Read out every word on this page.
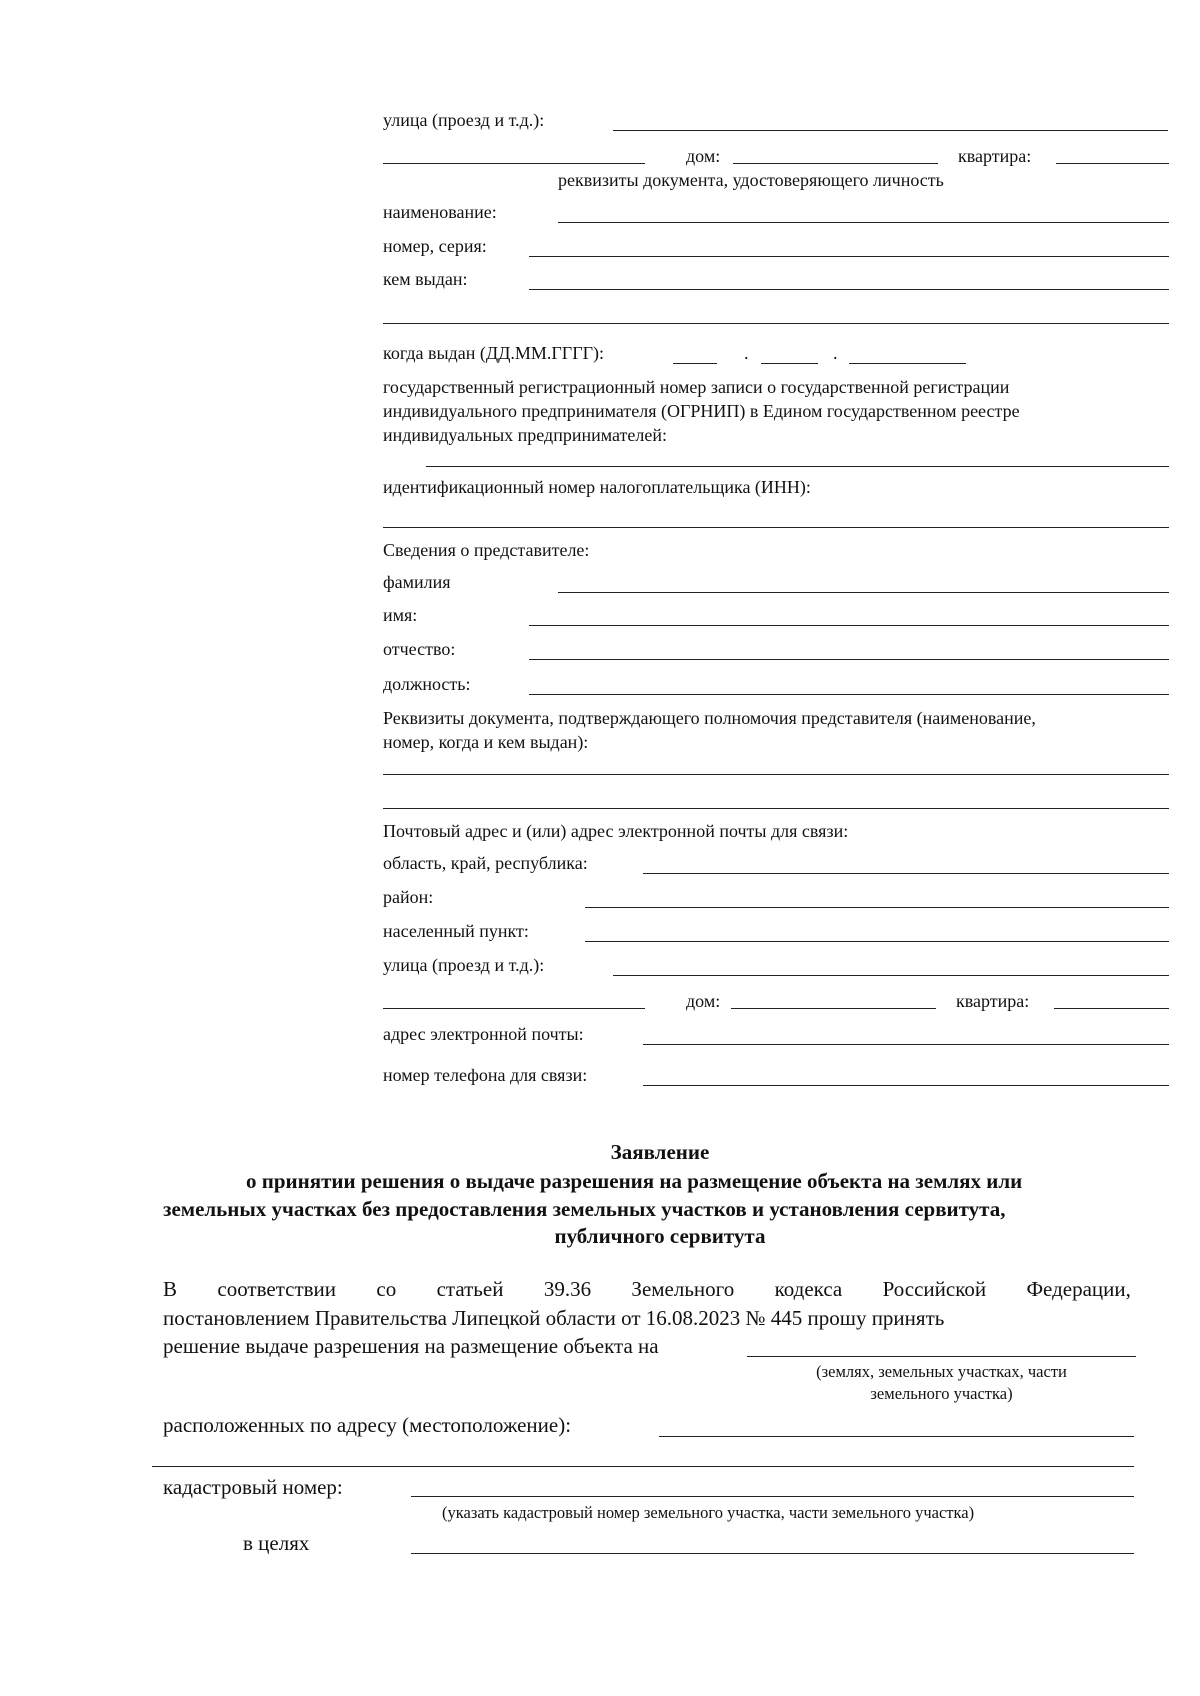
улица (проезд и т.д.):
дом:	квартира:
реквизиты документа, удостоверяющего личность
наименование:
номер, серия:
кем выдан:
когда выдан (ДД.ММ.ГГГГ):	.	.
государственный регистрационный номер записи о государственной регистрации
индивидуального предпринимателя (ОГРНИП) в Едином государственном реестре
индивидуальных предпринимателей:
идентификационный номер налогоплательщика (ИНН):
Сведения о представителе:
фамилия
имя:
отчество:
должность:
Реквизиты документа, подтверждающего полномочия представителя (наименование,
номер, когда и кем выдан):
Почтовый адрес и (или) адрес электронной почты для связи:
область, край, республика:
район:
населенный пункт:
улица (проезд и т.д.):
дом:	квартира:
адрес электронной почты:
номер телефона для связи:
Заявление
о принятии решения о выдаче разрешения на размещение объекта на землях или
земельных участках без предоставления земельных участков и установления сервитута,
публичного сервитута
В соответствии со статьей 39.36 Земельного кодекса Российской Федерации,
постановлением Правительства Липецкой области от 16.08.2023 № 445 прошу принять
решение выдаче разрешения на размещение объекта на
(землях, земельных участках, части
земельного участка)
расположенных по адресу (местоположение):
кадастровый номер:
(указать кадастровый номер земельного участка, части земельного участка)
в целях
